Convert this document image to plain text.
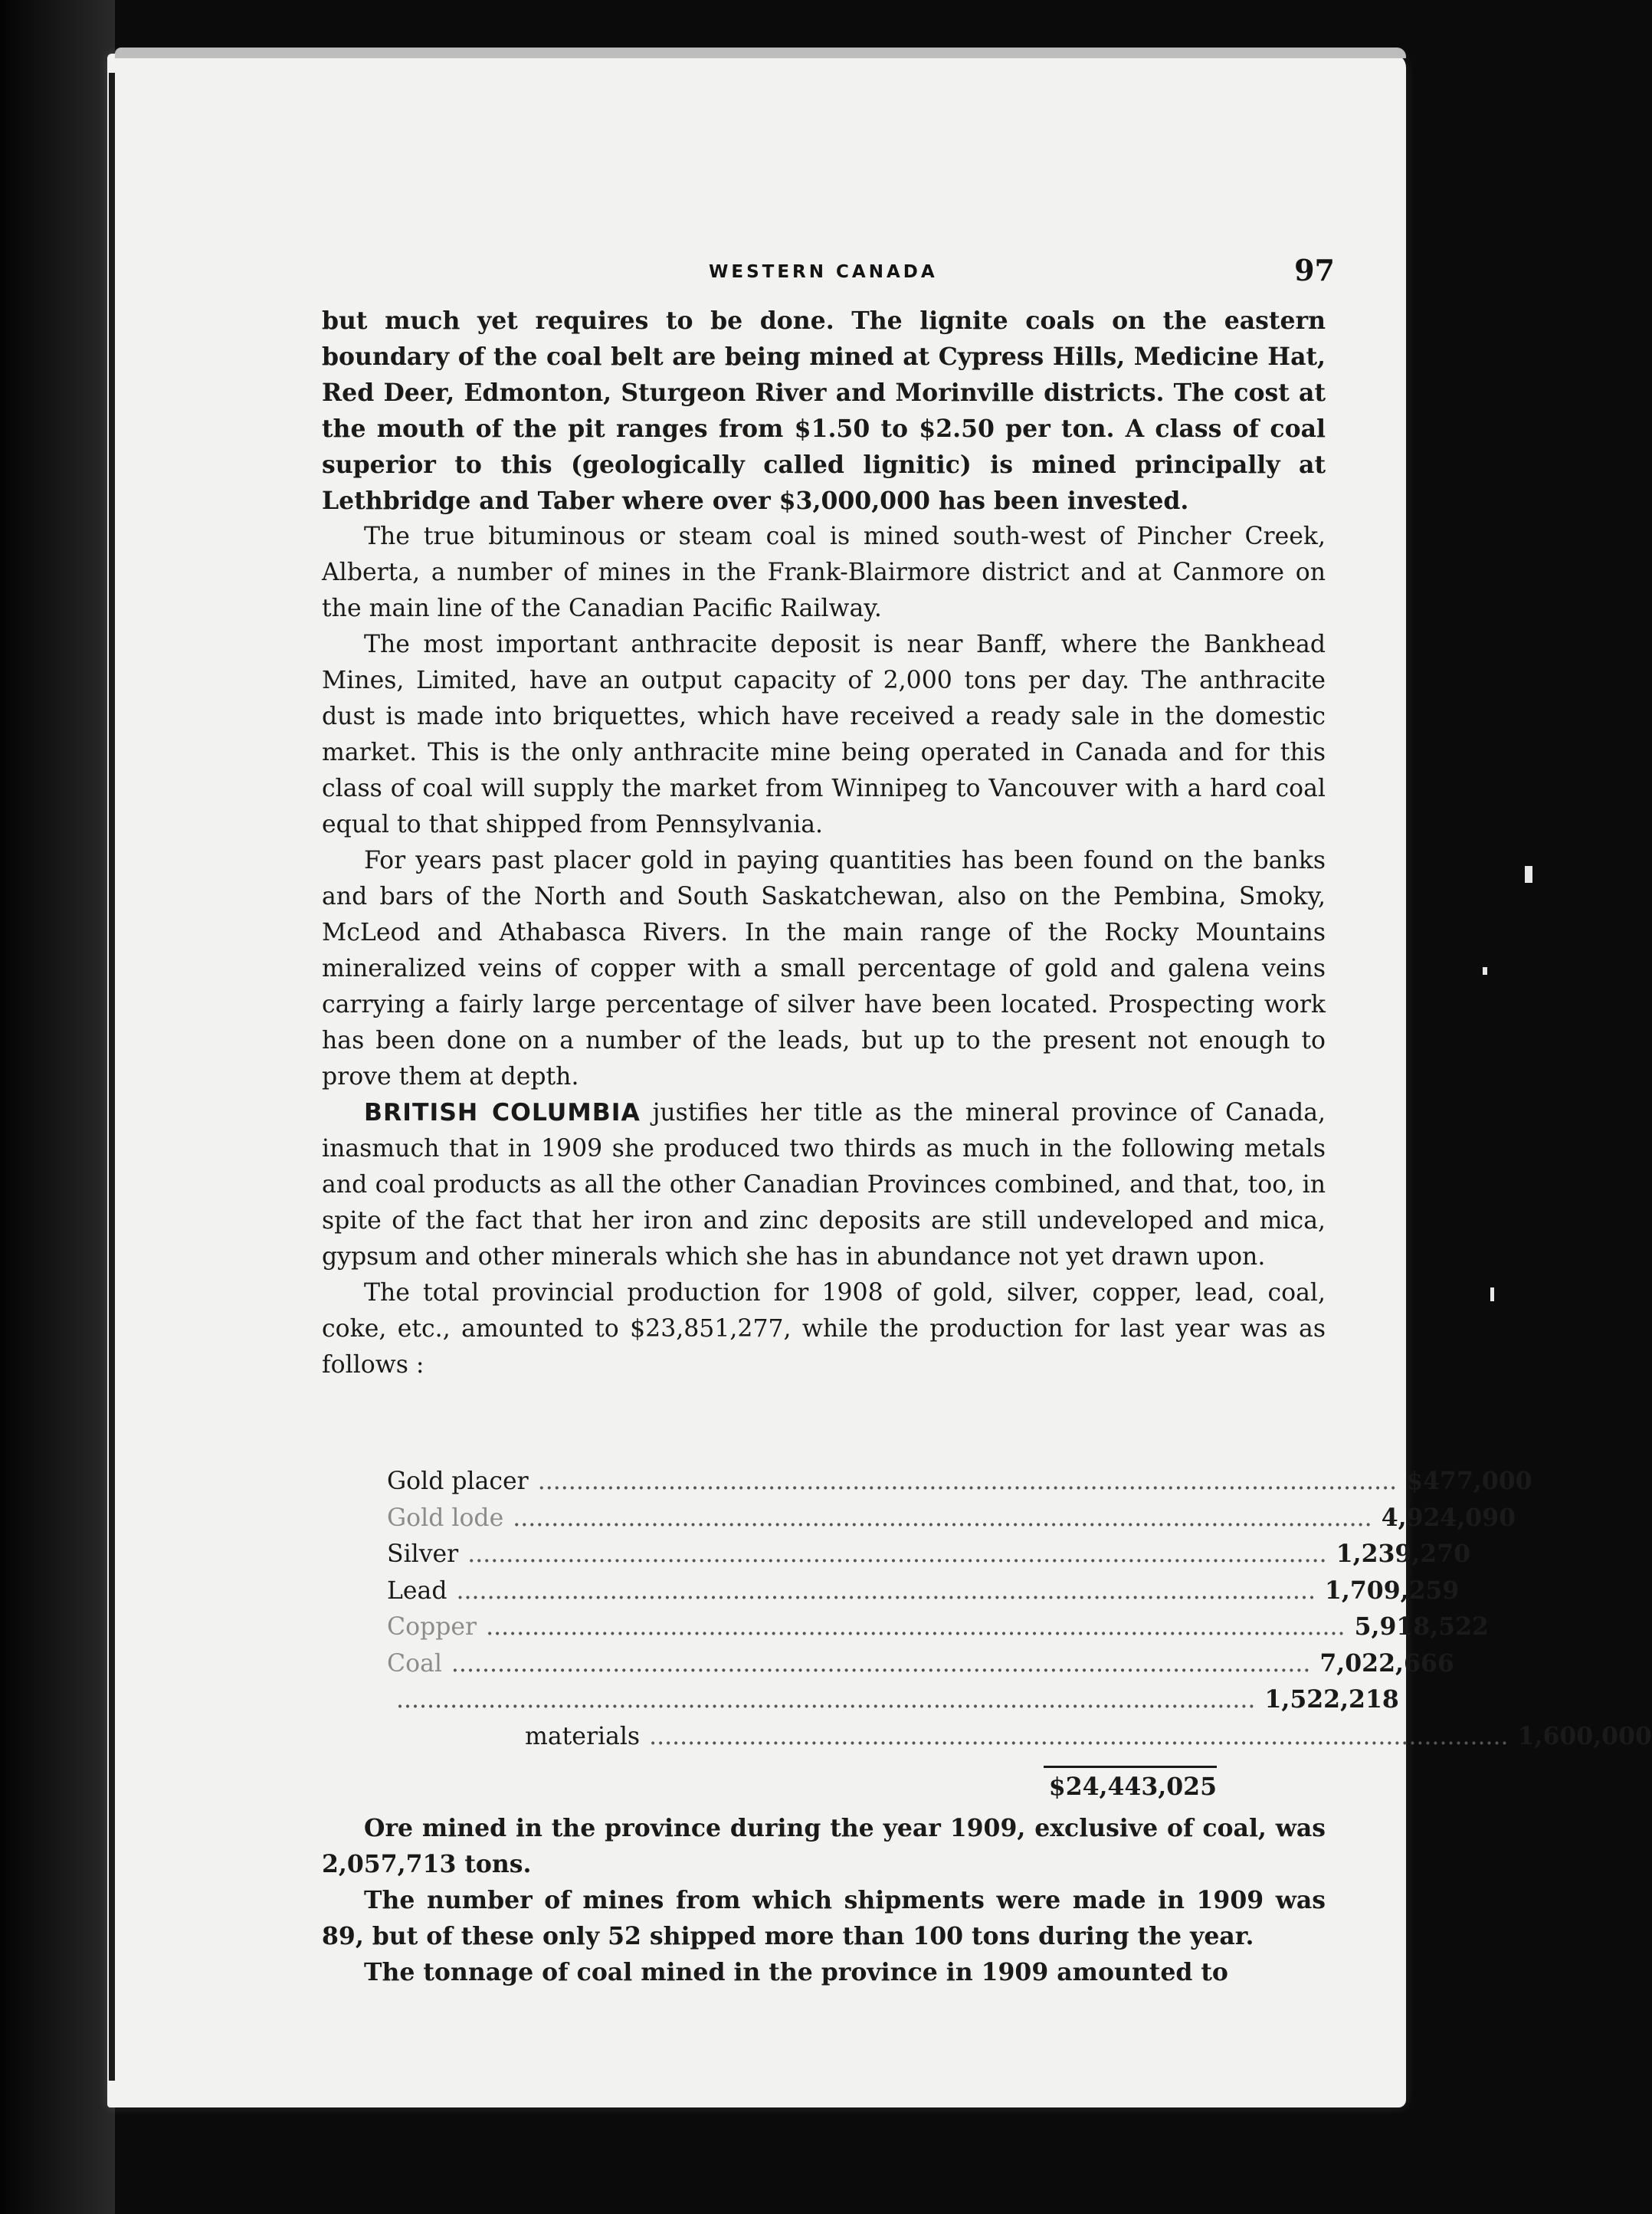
WESTERN CANADA	97

but much yet requires to be done. The lignite coals on the eastern boundary of the coal belt are being mined at Cypress Hills, Medicine Hat, Red Deer, Edmonton, Sturgeon River and Morinville districts. The cost at the mouth of the pit ranges from $1.50 to $2.50 per ton. A class of coal superior to this (geologically called lignitic) is mined principally at Lethbridge and Taber where over $3,000,000 has been invested.

The true bituminous or steam coal is mined south-west of Pincher Creek, Alberta, a number of mines in the Frank-Blairmore district and at Canmore on the main line of the Canadian Pacific Railway.

The most important anthracite deposit is near Banff, where the Bankhead Mines, Limited, have an output capacity of 2,000 tons per day. The anthracite dust is made into briquettes, which have received a ready sale in the domestic market. This is the only anthracite mine being operated in Canada and for this class of coal will supply the market from Winnipeg to Vancouver with a hard coal equal to that shipped from Pennsylvania.

For years past placer gold in paying quantities has been found on the banks and bars of the North and South Saskatchewan, also on the Pembina, Smoky, McLeod and Athabasca Rivers. In the main range of the Rocky Mountains mineralized veins of copper with a small percentage of gold and galena veins carrying a fairly large percentage of silver have been located. Prospecting work has been done on a number of the leads, but up to the present not enough to prove them at depth.

BRITISH COLUMBIA justifies her title as the mineral province of Canada, inasmuch that in 1909 she produced two thirds as much in the following metals and coal products as all the other Canadian Provinces combined, and that, too, in spite of the fact that her iron and zinc deposits are still undeveloped and mica, gypsum and other minerals which she has in abundance not yet drawn upon.

The total provincial production for 1908 of gold, silver, copper, lead, coal, coke, etc., amounted to $23,851,277, while the production for last year was as follows :

Gold placer ................................................................................................................ $ 477,000
Gold lode ................................................................................................................ 4,924,090
Silver ................................................................................................................ 1,239,270
Lead ................................................................................................................ 1,709,259
Copper ................................................................................................................ 5,918,522
Coal ................................................................................................................ 7,022,666
................................................................................................................ 1,522,218
materials ................................................................................................................ 1,600,000
$24,443,025

Ore mined in the province during the year 1909, exclusive of coal, was 2,057,713 tons.

The number of mines from which shipments were made in 1909 was 89, but of these only 52 shipped more than 100 tons during the year.

The tonnage of coal mined in the province in 1909 amounted to
